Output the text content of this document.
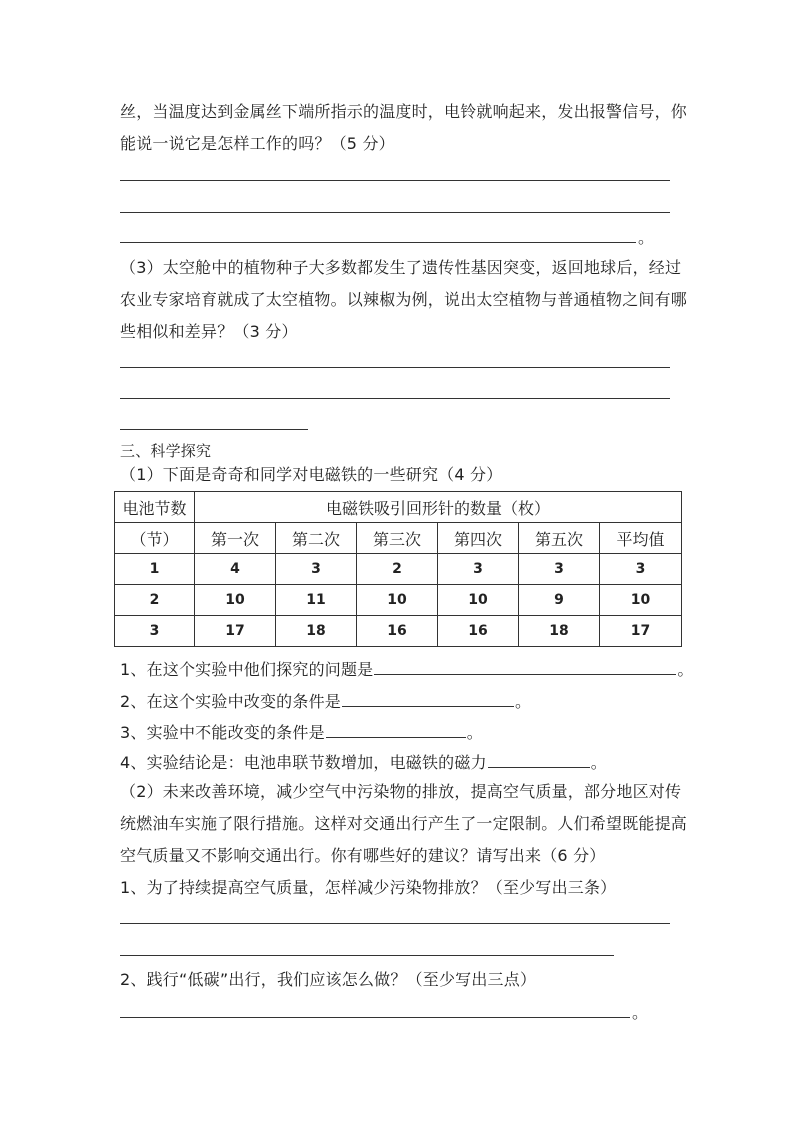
丝，当温度达到金属丝下端所指示的温度时，电铃就响起来，发出报警信号，你
能说一说它是怎样工作的吗？（5 分）
。
（3）太空舱中的植物种子大多数都发生了遗传性基因突变，返回地球后，经过
农业专家培育就成了太空植物。以辣椒为例，说出太空植物与普通植物之间有哪
些相似和差异？（3 分）
三、科学探究
（1）下面是奇奇和同学对电磁铁的一些研究（4 分）
电池节数	电磁铁吸引回形针的数量（枚）					
（节）	第一次	第二次	第三次	第四次	第五次	平均值
1	4	3	2	3	3	3
2	10	11	10	10	9	10
3	17	18	16	16	18	17
1、在这个实验中他们探究的问题是	。
2、在这个实验中改变的条件是	。
3、实验中不能改变的条件是	。
4、实验结论是：电池串联节数增加，电磁铁的磁力	。
（2）未来改善环境，减少空气中污染物的排放，提高空气质量，部分地区对传
统燃油车实施了限行措施。这样对交通出行产生了一定限制。人们希望既能提高
空气质量又不影响交通出行。你有哪些好的建议？请写出来（6 分）
1、为了持续提高空气质量，怎样减少污染物排放？（至少写出三条）
2、践行“低碳”出行，我们应该怎么做？（至少写出三点）
。
